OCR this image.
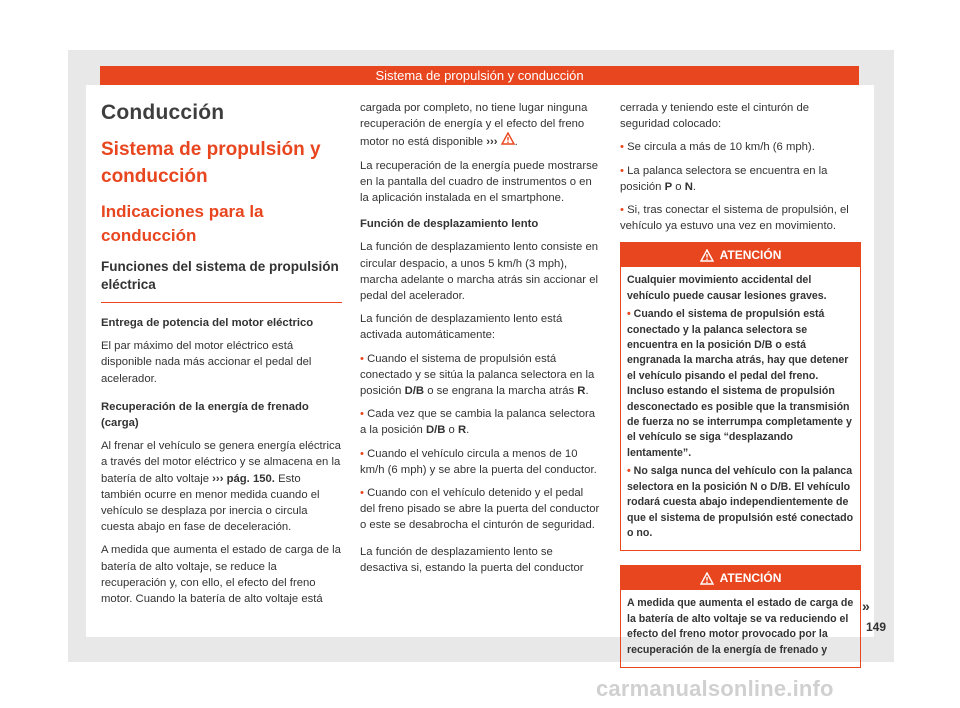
Sistema de propulsión y conducción
Conducción
Sistema de propulsión y conducción
Indicaciones para la conducción
Funciones del sistema de propulsión eléctrica

Entrega de potencia del motor eléctrico

El par máximo del motor eléctrico está disponible nada más accionar el pedal del acelerador.

Recuperación de la energía de frenado (carga)

Al frenar el vehículo se genera energía eléctrica a través del motor eléctrico y se almacena en la batería de alto voltaje ››› pág. 150. Esto también ocurre en menor medida cuando el vehículo se desplaza por inercia o circula cuesta abajo en fase de deceleración.

A medida que aumenta el estado de carga de la batería de alto voltaje, se reduce la recuperación y, con ello, el efecto del freno motor. Cuando la batería de alto voltaje está

cargada por completo, no tiene lugar ninguna recuperación de energía y el efecto del freno motor no está disponible ››› .

La recuperación de la energía puede mostrarse en la pantalla del cuadro de instrumentos o en la aplicación instalada en el smartphone.

Función de desplazamiento lento

La función de desplazamiento lento consiste en circular despacio, a unos 5 km/h (3 mph), marcha adelante o marcha atrás sin accionar el pedal del acelerador.

La función de desplazamiento lento está activada automáticamente:

• Cuando el sistema de propulsión está conectado y se sitúa la palanca selectora en la posición D/B o se engrana la marcha atrás R.

• Cada vez que se cambia la palanca selectora a la posición D/B o R.

• Cuando el vehículo circula a menos de 10 km/h (6 mph) y se abre la puerta del conductor.

• Cuando con el vehículo detenido y el pedal del freno pisado se abre la puerta del conductor o este se desabrocha el cinturón de seguridad.

La función de desplazamiento lento se desactiva si, estando la puerta del conductor

cerrada y teniendo este el cinturón de seguridad colocado:

• Se circula a más de 10 km/h (6 mph).

• La palanca selectora se encuentra en la posición P o N.

• Si, tras conectar el sistema de propulsión, el vehículo ya estuvo una vez en movimiento.

ATENCIÓN

Cualquier movimiento accidental del vehículo puede causar lesiones graves.

• Cuando el sistema de propulsión está conectado y la palanca selectora se encuentra en la posición D/B o está engranada la marcha atrás, hay que detener el vehículo pisando el pedal del freno. Incluso estando el sistema de propulsión desconectado es posible que la transmisión de fuerza no se interrumpa completamente y el vehículo se siga “desplazando lentamente”.

• No salga nunca del vehículo con la palanca selectora en la posición N o D/B. El vehículo rodará cuesta abajo independientemente de que el sistema de propulsión esté conectado o no.

ATENCIÓN

A medida que aumenta el estado de carga de la batería de alto voltaje se va reduciendo el efecto del freno motor provocado por la recuperación de la energía de frenado y

»
149
carmanualsonline.info
